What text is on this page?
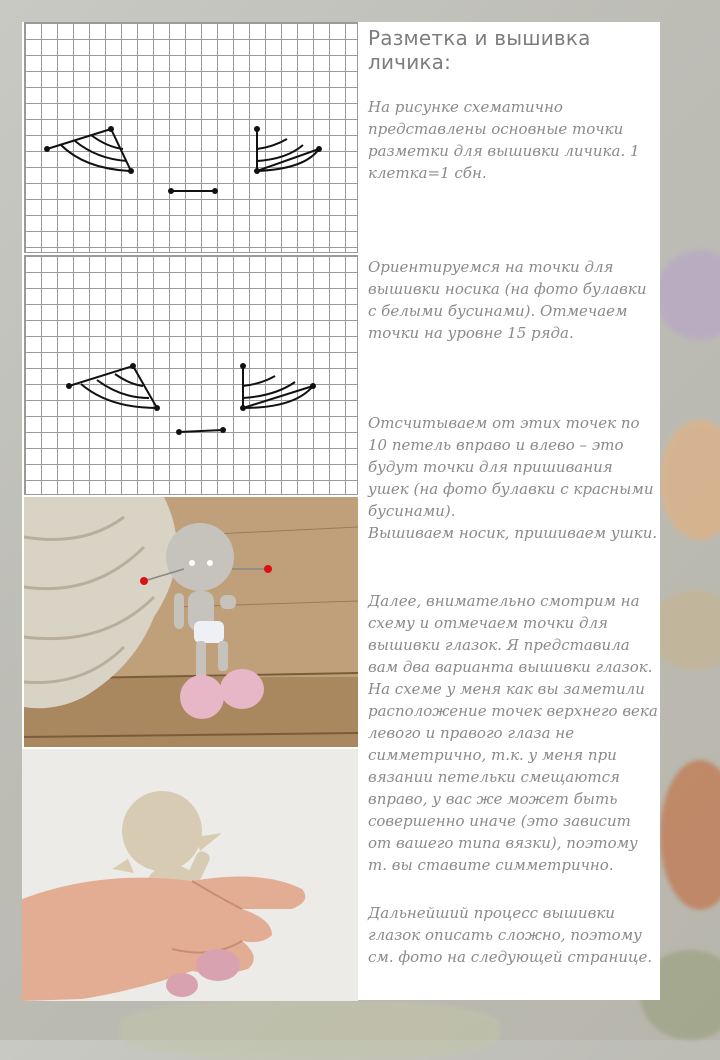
Разметка и вышивка личика:
На рисунке схематично представлены основные точки разметки для вышивки личика. 1 клетка=1 сбн.
Ориентируемся на точки для вышивки носика (на фото булавки с белыми бусинами). Отмечаем точки на уровне 15 ряда.
Отсчитываем от этих точек по 10 петель вправо и влево – это будут точки для пришивания ушек (на фото булавки с красными бусинами).
Вышиваем носик, пришиваем ушки.
Далее, внимательно смотрим на схему и отмечаем точки для вышивки глазок. Я представила вам два варианта вышивки глазок. На схеме у меня как вы заметили расположение точек верхнего века левого и правого глаза не симметрично, т.к. у меня при вязании петельки смещаются вправо, у вас же может быть совершенно иначе (это зависит от вашего типа вязки), поэтому т. вы ставите симметрично.
Дальнейший процесс вышивки глазок описать сложно, поэтому см. фото на следующей странице.
